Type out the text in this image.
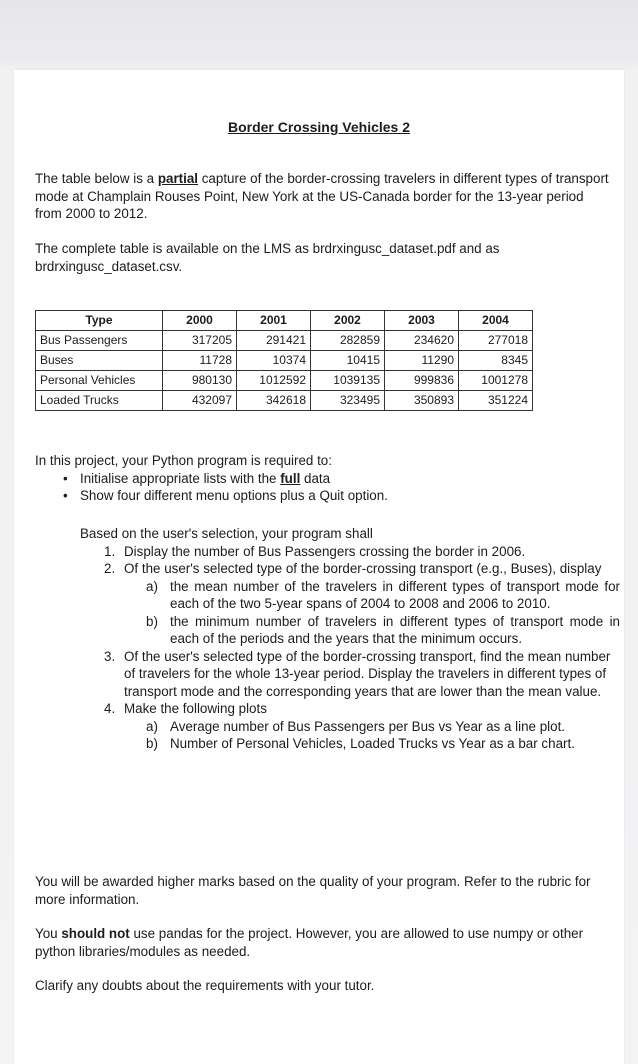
Border Crossing Vehicles 2
The table below is a partial capture of the border-crossing travelers in different types of transport mode at Champlain Rouses Point, New York at the US-Canada border for the 13-year period from 2000 to 2012.
The complete table is available on the LMS as brdrxingusc_dataset.pdf and as brdrxingusc_dataset.csv.
Type	2000	2001	2002	2003	2004
Bus Passengers	317205	291421	282859	234620	277018
Buses	11728	10374	10415	11290	8345
Personal Vehicles	980130	1012592	1039135	999836	1001278
Loaded Trucks	432097	342618	323495	350893	351224
In this project, your Python program is required to:
• Initialise appropriate lists with the full data
• Show four different menu options plus a Quit option.
Based on the user's selection, your program shall
1. Display the number of Bus Passengers crossing the border in 2006.
2. Of the user's selected type of the border-crossing transport (e.g., Buses), display
a) the mean number of the travelers in different types of transport mode for each of the two 5-year spans of 2004 to 2008 and 2006 to 2010.
b) the minimum number of travelers in different types of transport mode in each of the periods and the years that the minimum occurs.
3. Of the user's selected type of the border-crossing transport, find the mean number of travelers for the whole 13-year period. Display the travelers in different types of transport mode and the corresponding years that are lower than the mean value.
4. Make the following plots
a) Average number of Bus Passengers per Bus vs Year as a line plot.
b) Number of Personal Vehicles, Loaded Trucks vs Year as a bar chart.
You will be awarded higher marks based on the quality of your program. Refer to the rubric for more information.
You should not use pandas for the project. However, you are allowed to use numpy or other python libraries/modules as needed.
Clarify any doubts about the requirements with your tutor.
